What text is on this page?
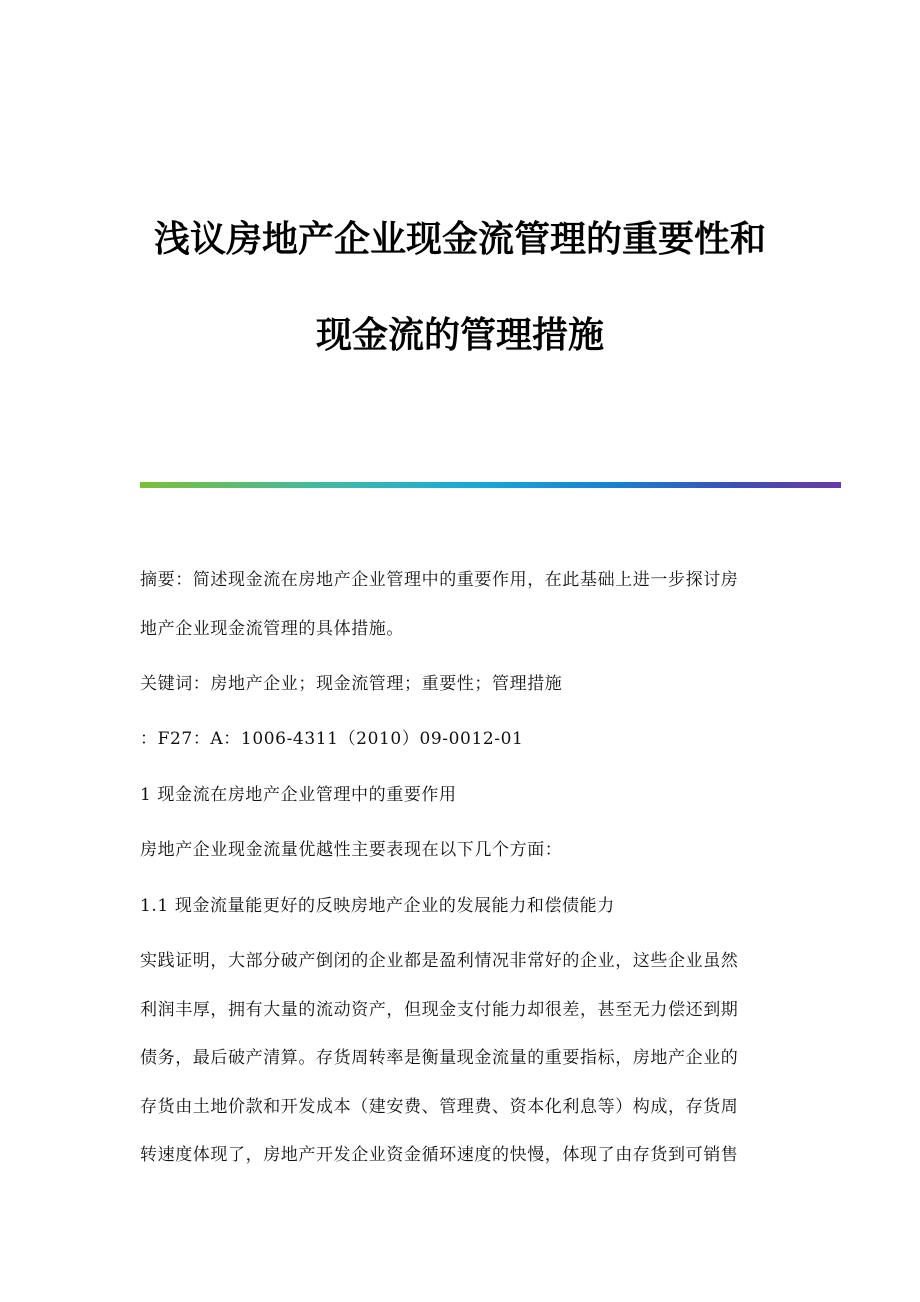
浅议房地产企业现金流管理的重要性和
现金流的管理措施
摘要：简述现金流在房地产企业管理中的重要作用，在此基础上进一步探讨房
地产企业现金流管理的具体措施。
关键词：房地产企业；现金流管理；重要性；管理措施
：F27：A：1006-4311（2010）09-0012-01
1 现金流在房地产企业管理中的重要作用
房地产企业现金流量优越性主要表现在以下几个方面：
1.1 现金流量能更好的反映房地产企业的发展能力和偿债能力
实践证明，大部分破产倒闭的企业都是盈利情况非常好的企业，这些企业虽然
利润丰厚，拥有大量的流动资产，但现金支付能力却很差，甚至无力偿还到期
债务，最后破产清算。存货周转率是衡量现金流量的重要指标，房地产企业的
存货由土地价款和开发成本（建安费、管理费、资本化利息等）构成，存货周
转速度体现了，房地产开发企业资金循环速度的快慢，体现了由存货到可销售
